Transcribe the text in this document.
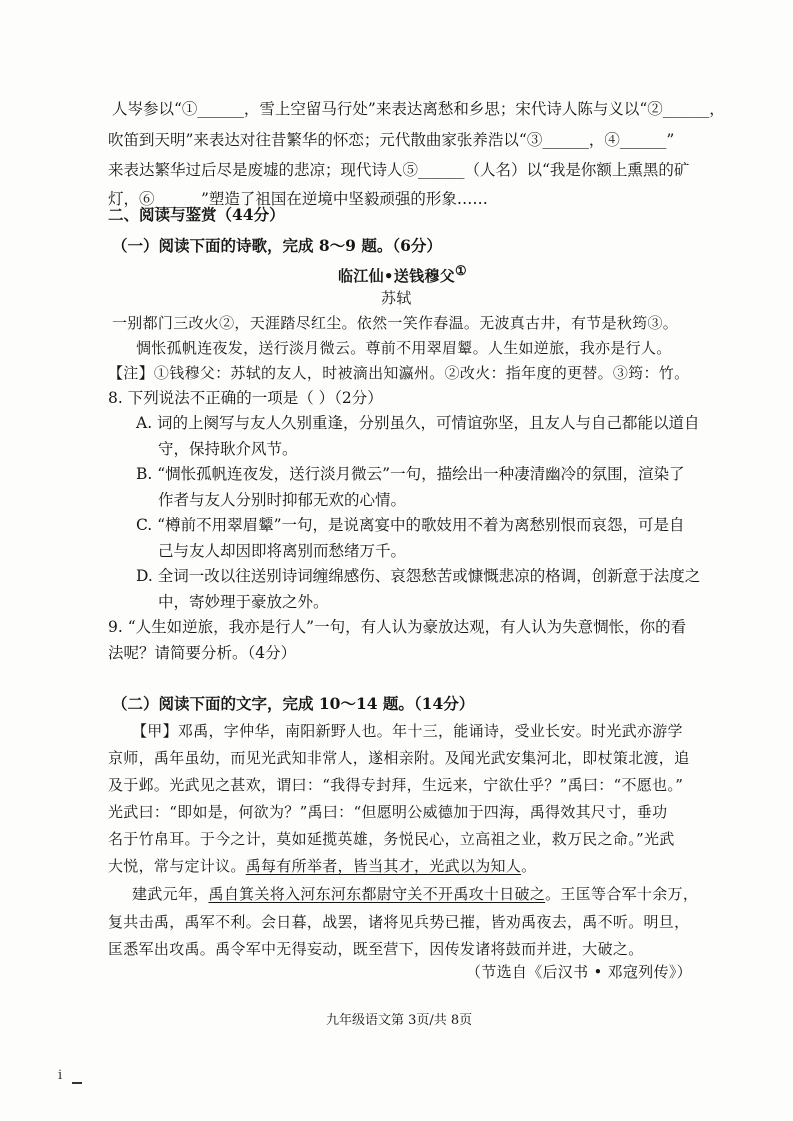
人岑参以“①______，雪上空留马行处”来表达离愁和乡思；宋代诗人陈与义以“②______，
吹笛到天明”来表达对往昔繁华的怀恋；元代散曲家张养浩以“③______，④______”
来表达繁华过后尽是废墟的悲凉；现代诗人⑤______（人名）以“我是你额上熏黑的矿
灯，⑥______”塑造了祖国在逆境中坚毅顽强的形象……
二、阅读与鉴赏（44分）
（一）阅读下面的诗歌，完成 8～9 题。（6分）
临江仙•送钱穆父①
苏轼
一别都门三改火②，天涯踏尽红尘。依然一笑作春温。无波真古井，有节是秋筠③。
惆怅孤帆连夜发，送行淡月微云。尊前不用翠眉颦。人生如逆旅，我亦是行人。
【注】①钱穆父：苏轼的友人，时被滴出知瀛州。②改火：指年度的更替。③筠：竹。
8. 下列说法不正确的一项是（ ）（2分）
A. 词的上阕写与友人久别重逢，分别虽久，可情谊弥坚，且友人与自己都能以道自
守，保持耿介风节。
B. “惆怅孤帆连夜发，送行淡月微云”一句，描绘出一种凄清幽冷的氛围，渲染了
作者与友人分别时抑郁无欢的心情。
C. “樽前不用翠眉颦”一句，是说离宴中的歌妓用不着为离愁别恨而哀怨，可是自
己与友人却因即将离别而愁绪万千。
D. 全词一改以往送别诗词缠绵感伤、哀怨愁苦或慷慨悲凉的格调，创新意于法度之
中，寄妙理于豪放之外。
9. “人生如逆旅，我亦是行人”一句，有人认为豪放达观，有人认为失意惆怅，你的看
法呢？请简要分析。（4分）
（二）阅读下面的文字，完成 10～14 题。（14分）
【甲】邓禹，字仲华，南阳新野人也。年十三，能诵诗，受业长安。时光武亦游学
京师，禹年虽幼，而见光武知非常人，遂相亲附。及闻光武安集河北，即杖策北渡，追
及于邺。光武见之甚欢，谓曰：“我得专封拜，生远来，宁欲仕乎？”禹曰：“不愿也。”
光武曰：“即如是，何欲为？”禹曰：“但愿明公威德加于四海，禹得效其尺寸，垂功
名于竹帛耳。于今之计，莫如延揽英雄，务悦民心，立高祖之业，救万民之命。”光武
大悦，常与定计议。禹每有所举者，皆当其才，光武以为知人。
建武元年，禹自箕关将入河东河东都尉守关不开禹攻十日破之。王匡等合军十余万，
复共击禹，禹军不利。会日暮，战罢，诸将见兵势已摧，皆劝禹夜去，禹不听。明旦，
匡悉军出攻禹。禹令军中无得妄动，既至营下，因传发诸将鼓而并进，大破之。
（节选自《后汉书 • 邓寇列传》）
九年级语文第 3页/共 8页
i
